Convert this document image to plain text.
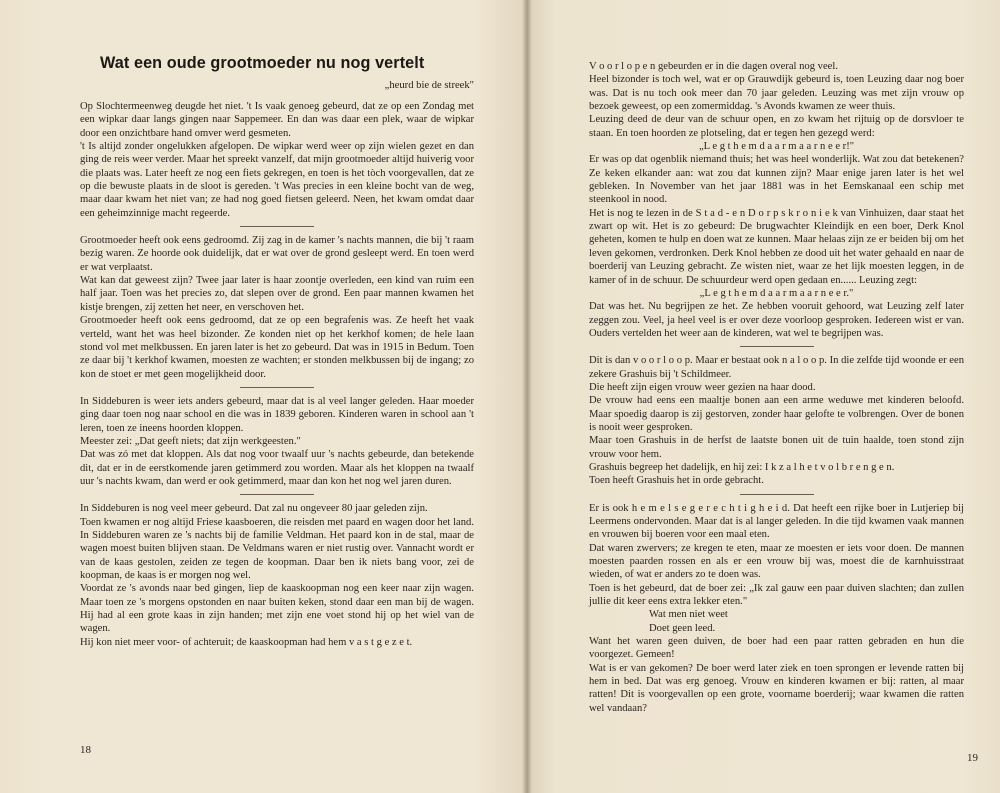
Wat een oude grootmoeder nu nog vertelt
„heurd bie de streek"

Op Slochtermeenweg deugde het niet. 't Is vaak genoeg gebeurd, dat ze op een Zondag met een wipkar daar langs gingen naar Sappemeer. En dan was daar een plek, waar de wipkar door een onzichtbare hand omver werd gesmeten.

't Is altijd zonder ongelukken afgelopen. De wipkar werd weer op zijn wielen gezet en dan ging de reis weer verder. Maar het spreekt vanzelf, dat mijn grootmoeder altijd huiverig voor die plaats was. Later heeft ze nog een fiets gekregen, en toen is het tòch voorgevallen, dat ze op die bewuste plaats in de sloot is gereden. 't Was precies in een kleine bocht van de weg, maar daar kwam het niet van; ze had nog goed fietsen geleerd. Neen, het kwam omdat daar een geheimzinnige macht regeerde.

Grootmoeder heeft ook eens gedroomd. Zij zag in de kamer 's nachts mannen, die bij 't raam bezig waren. Ze hoorde ook duidelijk, dat er wat over de grond gesleept werd. En toen werd er wat verplaatst.

Wat kan dat geweest zijn? Twee jaar later is haar zoontje overleden, een kind van ruim een half jaar. Toen was het precies zo, dat slepen over de grond. Een paar mannen kwamen het kistje brengen, zij zetten het neer, en verschoven het.

Grootmoeder heeft ook eens gedroomd, dat ze op een begrafenis was. Ze heeft het vaak verteld, want het was heel bizonder. Ze konden niet op het kerkhof komen; de hele laan stond vol met melkbussen. En jaren later is het zo gebeurd. Dat was in 1915 in Bedum. Toen ze daar bij 't kerkhof kwamen, moesten ze wachten; er stonden melkbussen bij de ingang; zo kon de stoet er met geen mogelijkheid door.

In Siddeburen is weer iets anders gebeurd, maar dat is al veel langer geleden. Haar moeder ging daar toen nog naar school en die was in 1839 geboren. Kinderen waren in school aan 't leren, toen ze ineens hoorden kloppen.

Meester zei: „Dat geeft niets; dat zijn werkgeesten."

Dat was zó met dat kloppen. Als dat nog voor twaalf uur 's nachts gebeurde, dan betekende dit, dat er in de eerstkomende jaren getimmerd zou worden. Maar als het kloppen na twaalf uur 's nachts kwam, dan werd er ook getimmerd, maar dan kon het nog wel jaren duren.

In Siddeburen is nog veel meer gebeurd. Dat zal nu ongeveer 80 jaar geleden zijn.

Toen kwamen er nog altijd Friese kaasboeren, die reisden met paard en wagen door het land. In Siddeburen waren ze 's nachts bij de familie Veldman. Het paard kon in de stal, maar de wagen moest buiten blijven staan. De Veldmans waren er niet rustig over. Vannacht wordt er van de kaas gestolen, zeiden ze tegen de koopman. Daar ben ik niets bang voor, zei de koopman, de kaas is er morgen nog wel.

Voordat ze 's avonds naar bed gingen, liep de kaaskoopman nog een keer naar zijn wagen. Maar toen ze 's morgens opstonden en naar buiten keken, stond daar een man bij de wagen. Hij had al een grote kaas in zijn handen; met zijn ene voet stond hij op het wiel van de wagen.

Hij kon niet meer voor- of achteruit; de kaaskoopman had hem v a s t g e z e t.

18

V o o r l o p e n gebeurden er in die dagen overal nog veel.

Heel bizonder is toch wel, wat er op Grauwdijk gebeurd is, toen Leuzing daar nog boer was. Dat is nu toch ook meer dan 70 jaar geleden. Leuzing was met zijn vrouw op bezoek geweest, op een zomermiddag. 's Avonds kwamen ze weer thuis.

Leuzing deed de deur van de schuur open, en zo kwam het rijtuig op de dorsvloer te staan. En toen hoorden ze plotseling, dat er tegen hen gezegd werd:

„L e g t h e m d a a r m a a r n e e r!"

Er was op dat ogenblik niemand thuis; het was heel wonderlijk. Wat zou dat betekenen? Ze keken elkander aan: wat zou dat kunnen zijn? Maar enige jaren later is het wel gebleken. In November van het jaar 1881 was in het Eemskanaal een schip met steenkool in nood.

Het is nog te lezen in de S t a d - e n D o r p s k r o n i e k van Vinhuizen, daar staat het zwart op wit. Het is zo gebeurd: De brugwachter Kleindijk en een boer, Derk Knol geheten, komen te hulp en doen wat ze kunnen. Maar helaas zijn ze er beiden bij om het leven gekomen, verdronken. Derk Knol hebben ze dood uit het water gehaald en naar de boerderij van Leuzing gebracht. Ze wisten niet, waar ze het lijk moesten leggen, in de kamer of in de schuur. De schuurdeur werd open gedaan en...... Leuzing zegt:

„L e g t h e m d a a r m a a r n e e r."

Dat was het. Nu begrijpen ze het. Ze hebben vooruit gehoord, wat Leuzing zelf later zeggen zou. Veel, ja heel veel is er over deze voorloop gesproken. Iedereen wist er van. Ouders vertelden het weer aan de kinderen, wat wel te begrijpen was.

Dit is dan v o o r l o o p. Maar er bestaat ook n a l o o p. In die zelfde tijd woonde er een zekere Grashuis bij 't Schildmeer.

Die heeft zijn eigen vrouw weer gezien na haar dood.

De vrouw had eens een maaltje bonen aan een arme weduwe met kinderen beloofd. Maar spoedig daarop is zij gestorven, zonder haar gelofte te volbrengen. Over de bonen is nooit weer gesproken.

Maar toen Grashuis in de herfst de laatste bonen uit de tuin haalde, toen stond zijn vrouw voor hem.

Grashuis begreep het dadelijk, en hij zei: I k z a l h e t v o l b r e n g e n.

Toen heeft Grashuis het in orde gebracht.

Er is ook h e m e l s e g e r e c h t i g h e i d. Dat heeft een rijke boer in Lutjeriep bij Leermens ondervonden. Maar dat is al langer geleden. In die tijd kwamen vaak mannen en vrouwen bij boeren voor een maal eten.

Dat waren zwervers; ze kregen te eten, maar ze moesten er iets voor doen. De mannen moesten paarden rossen en als er een vrouw bij was, moest die de karnhuisstraat wieden, of wat er anders zo te doen was.

Toen is het gebeurd, dat de boer zei: „Ik zal gauw een paar duiven slachten; dan zullen jullie dit keer eens extra lekker eten."

Wat men niet weet

Doet geen leed.

Want het waren geen duiven, de boer had een paar ratten gebraden en hun die voorgezet. Gemeen!

Wat is er van gekomen? De boer werd later ziek en toen sprongen er levende ratten bij hem in bed. Dat was erg genoeg. Vrouw en kinderen kwamen er bij: ratten, al maar ratten! Dit is voorgevallen op een grote, voorname boerderij; waar kwamen die ratten wel vandaan?

19
